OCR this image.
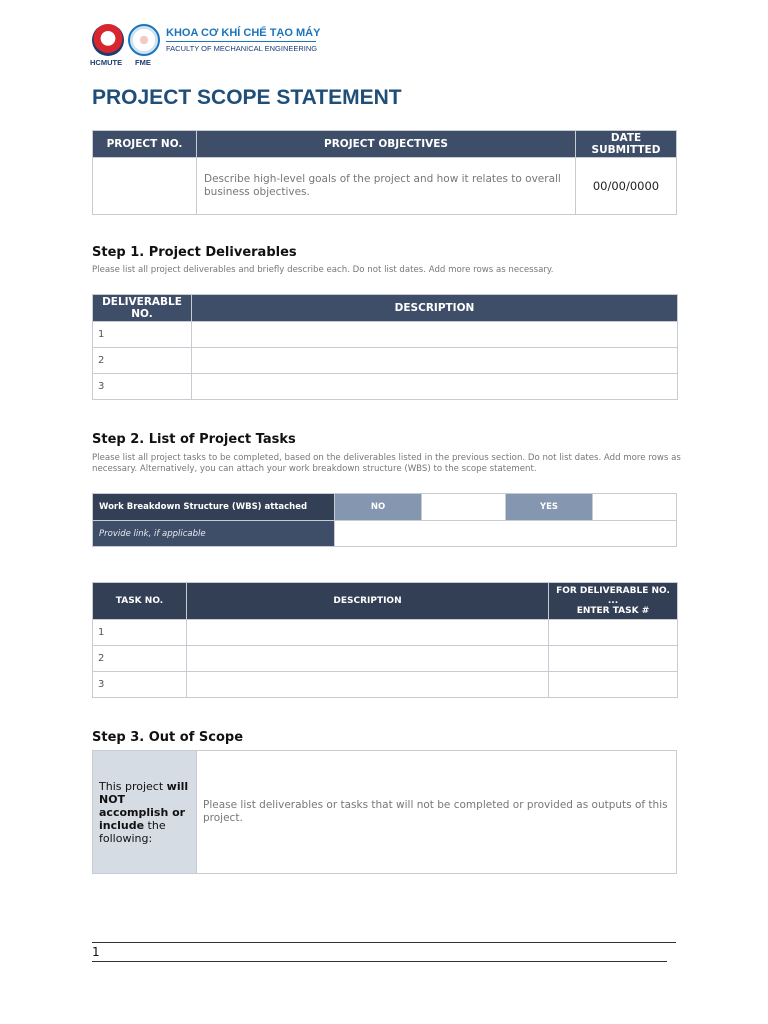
KHOA CƠ KHÍ CHẾ TẠO MÁY
FACULTY OF MECHANICAL ENGINEERING
HCMUTE FME
PROJECT SCOPE STATEMENT
PROJECT NO.	PROJECT OBJECTIVES	DATE SUBMITTED
	Describe high-level goals of the project and how it relates to overall business objectives.	00/00/0000
Step 1. Project Deliverables
Please list all project deliverables and briefly describe each. Do not list dates. Add more rows as necessary.
DELIVERABLE NO.	DESCRIPTION
1	
2	
3	
Step 2. List of Project Tasks
Please list all project tasks to be completed, based on the deliverables listed in the previous section. Do not list dates. Add more rows as necessary. Alternatively, you can attach your work breakdown structure (WBS) to the scope statement.
Work Breakdown Structure (WBS) attached	NO		YES	
Provide link, if applicable				
TASK NO.	DESCRIPTION	FOR DELIVERABLE NO.
...
ENTER TASK #

1		
2		
3		
Step 3. Out of Scope
This project will NOT accomplish or include the following:	Please list deliverables or tasks that will not be completed or provided as outputs of this project.
1
